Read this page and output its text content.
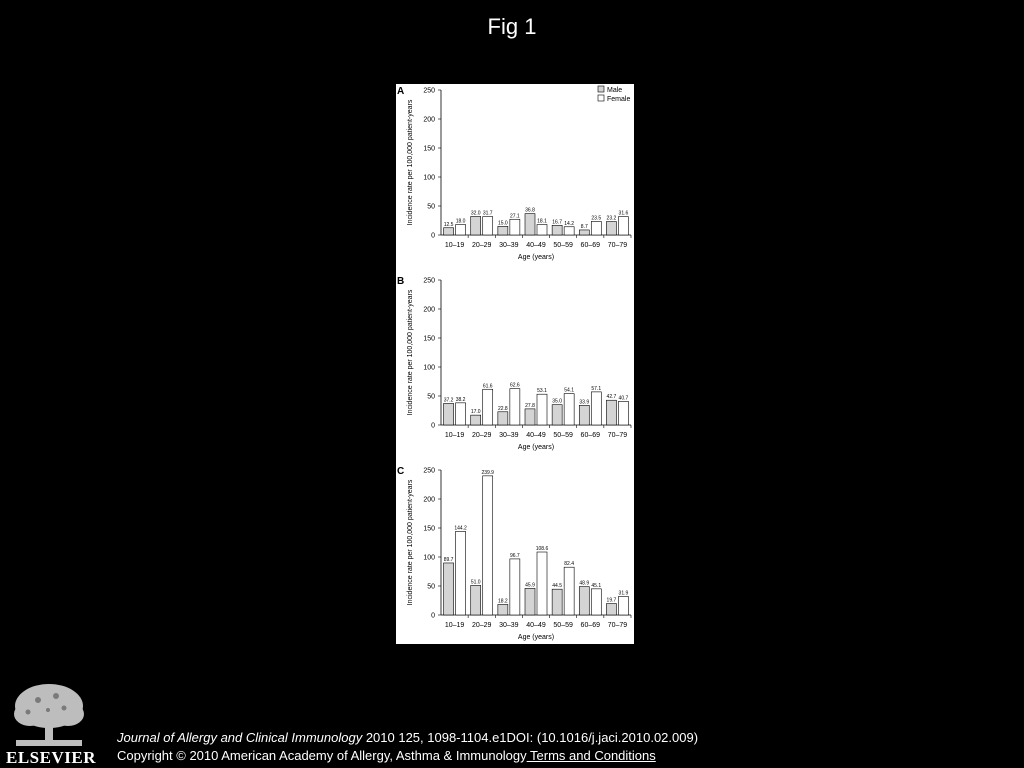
Fig 1
A
0
50
100
150
200
250
Incidence rate per 100,000 patient-years
10–19
12.5
18.0
20–29
32.0 31.7
30–39
15.0
27.1
40–49
36.8
18.1
50–59
16.7 14.2
60–69
8.7
23.5
70–79
23.2
31.6
Age (years)
Male
Female
B
0
50
100
150
200
250
Incidence rate per 100,000 patient-years
10–19
37.2 38.2
20–29
17.0
61.6
30–39
22.8
62.6
40–49
27.8
53.1
50–59
35.0
54.1
60–69
33.9
57.1
70–79
42.7 40.7
Age (years)
C
0
50
100
150
200
250
Incidence rate per 100,000 patient-years
10–19
89.7
144.2
20–29
51.0
239.9
30–39
18.2
96.7
40–49
45.9
108.6
50–59
44.5
82.4
60–69
48.9 45.1
70–79
19.7
31.9
Age (years)
ELSEVIER
Journal of Allergy and Clinical Immunology 2010 125, 1098-1104.e1DOI: (10.1016/j.jaci.2010.02.009)
Copyright © 2010 American Academy of Allergy, Asthma & Immunology Terms and Conditions
